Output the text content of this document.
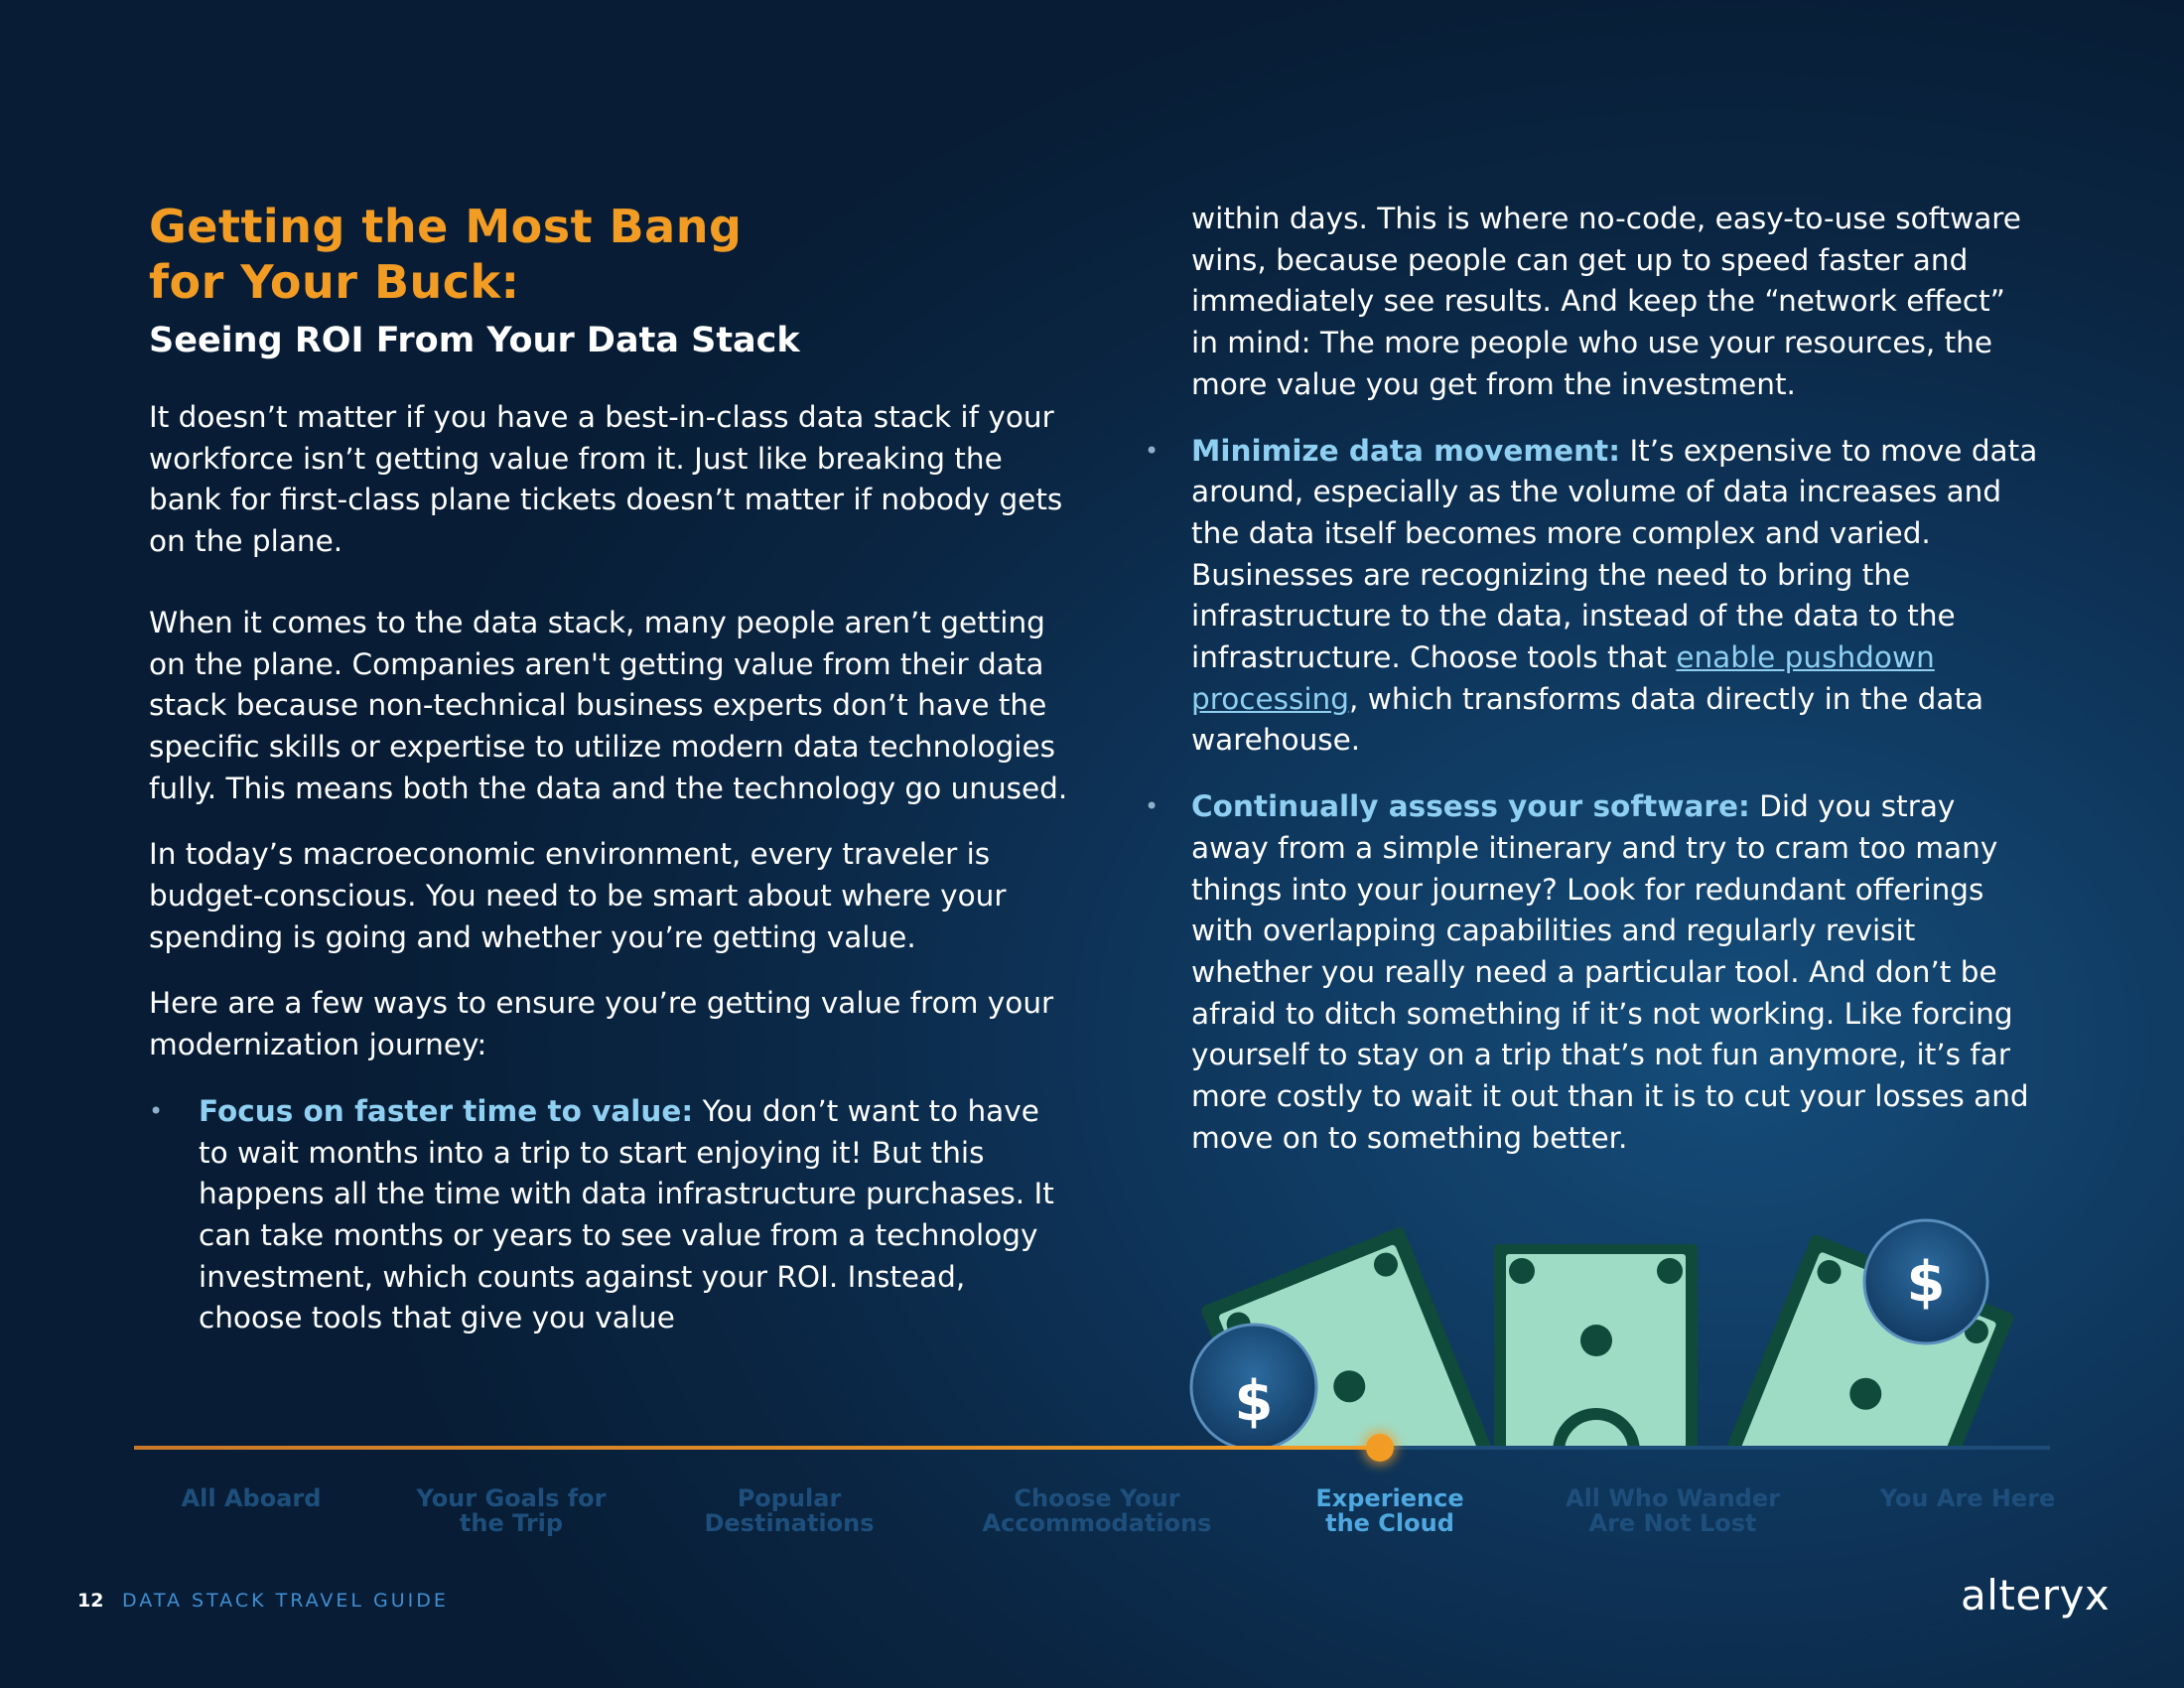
Getting the Most Bang
for Your Buck:
Seeing ROI From Your Data Stack

It doesn’t matter if you have a best-in-class data stack if your workforce isn’t getting value from it. Just like breaking the bank for first-class plane tickets doesn’t matter if nobody gets on the plane.

When it comes to the data stack, many people aren’t getting on the plane. Companies aren't getting value from their data stack because non-technical business experts don’t have the specific skills or expertise to utilize modern data technologies fully. This means both the data and the technology go unused.

In today’s macroeconomic environment, every traveler is budget-conscious. You need to be smart about where your spending is going and whether you’re getting value.

Here are a few ways to ensure you’re getting value from your modernization journey:

• Focus on faster time to value: You don’t want to have to wait months into a trip to start enjoying it! But this happens all the time with data infrastructure purchases. It can take months or years to see value from a technology investment, which counts against your ROI. Instead, choose tools that give you value

within days. This is where no-code, easy-to-use software wins, because people can get up to speed faster and immediately see results. And keep the “network effect” in mind: The more people who use your resources, the more value you get from the investment.

• Minimize data movement: It’s expensive to move data around, especially as the volume of data increases and the data itself becomes more complex and varied. Businesses are recognizing the need to bring the infrastructure to the data, instead of the data to the infrastructure. Choose tools that enable pushdown processing, which transforms data directly in the data warehouse.

• Continually assess your software: Did you stray away from a simple itinerary and try to cram too many things into your journey? Look for redundant offerings with overlapping capabilities and regularly revisit whether you really need a particular tool. And don’t be afraid to ditch something if it’s not working. Like forcing yourself to stay on a trip that’s not fun anymore, it’s far more costly to wait it out than it is to cut your losses and move on to something better.

$
$
All Aboard	Your Goals for
the Trip
Popular
Destinations
Choose Your
Accommodations
Experience
the Cloud
All Who Wander
Are Not Lost
You Are Here
12 DATA STACK TRAVEL GUIDE	alteryx
